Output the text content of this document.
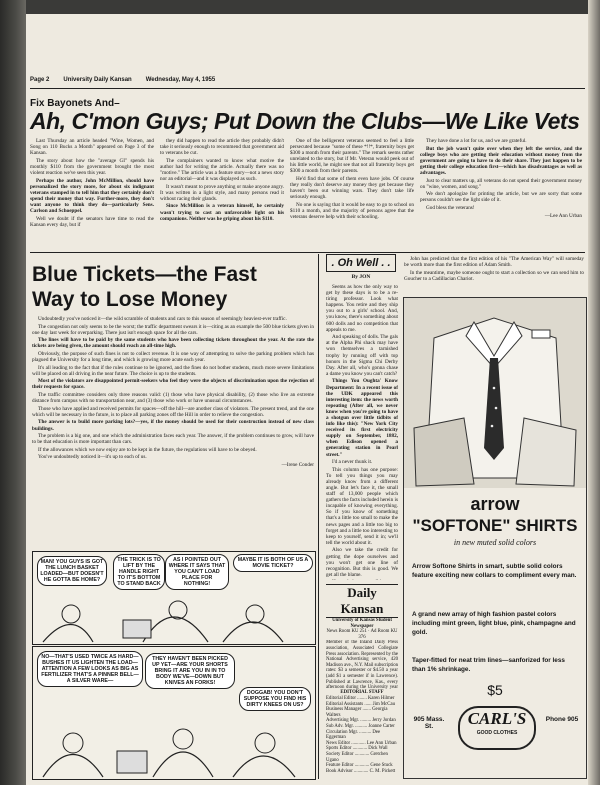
Page 2 University Daily Kansan Wednesday, May 4, 1955
Fix Bayonets And–
Ah, C'mon Guys; Put Down the Clubs—We Like Vets

Last Thursday an article headed "Wine, Women, and Song on 110 Bucks a Month" appeared on Page 3 of the Kansan.

The story about how the "average GI" spends his monthly $110 from the government brought the most violent reaction we've seen this year.

Perhaps the author, John McMillion, should have personalized the story more, for about six indignant veterans stamped in to tell him that they certainly don't spend their money that way. Further-more, they don't want anyone to think they do—particularly Sens. Carlson and Schoeppel.

Well we doubt if the senators have time to read the Kansan every day, but if

they did happen to read the article they probably didn't take it seriously enough to recommend that government aid to veterans be cut.

The complainers wanted to know what motive the author had for writing the article. Actually there was no "motive." The article was a feature story—not a news story nor an editorial—and it was displayed as such.

It wasn't meant to prove anything or make anyone angry. It was written in a light style, and many persons read it without racing their glands.

Since McMillion is a veteran himself, he certainly wasn't trying to cast an unfavorable light on his companions. Neither was he griping about his $110.

One of the belligerent veterans seemed to feel a little persecuted because "some of these *!!*, fraternity boys get $300 a month from their parents." The remark seems rather unrelated to the story, but if Mr. Veteran would peek out of his little world, he might see that not all fraternity boys get $300 a month from their parents.

He'd find that some of them even have jobs. Of course they really don't deserve any money they get because they haven't been out winning wars. They don't take life seriously enough.

No one is saying that it would be easy to go to school on $110 a month, and the majority of persons agree that the veterans deserve help with their schooling.

They have done a lot for us, and we are grateful.

But the job wasn't quite over when they left the service, and the college boys who are getting their education without money from the government are going to have to do their share. They just happen to be getting their college education first—which has disadvantages as well as advantages.

Just to clear matters up, all veterans do not spend their government money on "wine, women, and song."

We don't apologize for printing the article, but we are sorry that some persons couldn't see the light side of it.

God bless the veterans!

—Lee Ann Urban

Blue Tickets—the Fast Way to Lose Money

Undoubtedly you've noticed it—the wild scramble of students and cars to this season of seemingly heaviest-ever traffic.

The congestion not only seems to be the worst; the traffic department swears it is—citing as an example the 500 blue tickets given in one day last week for overparking. There just isn't enough space for all the cars.

The lines will have to be paid by the same students who have been collecting tickets throughout the year. At the rate the tickets are being given, the amount should reach an all-time high.

Obviously, the purpose of such fines is not to collect revenue. It is one way of attempting to solve the parking problem which has plagued the University for a long time, and which is growing more acute each year.

It's all leading to the fact that if the rules continue to be ignored, and the fines do not bother students, much more severe limitations will be placed on all driving in the near future. The choice is up to the students.

Most of the violators are disappointed permit-seekers who feel they were the objects of discrimination upon the rejection of their requests for space.

The traffic committee considers only three reasons valid: (1) those who have physical disability, (2) those who live an extreme distance from campus with no transportation near, and (3) those who work or have unusual circumstances.

Those who have applied and received permits for spaces—off the hill—are another class of violators. The present trend, and the one which will be necessary in the future, is to place all parking zones off the Hill in order to relieve the congestion.

The answer is to build more parking lots?—yes, if the money should be used for their construction instead of new class buildings.

The problem is a big one, and one which the administration faces each year. The answer, if the problem continues to grow, will have to be that education is more important than cars.

If the allowances which we now enjoy are to be kept in the future, the regulations will have to be obeyed.

You've undoubtedly noticed it—it's up to each of us.

—Irene Conder

MAN! YOU GUYS IS GOT THE LUNCH BASKET LOADED—BUT DOESN'T HE GOTTA BE HOME?
THE TRICK IS TO LIFT BY THE HANDLE RIGHT TO IT'S BOTTOM TO STAND BACK
AS I POINTED OUT WHERE IT SAYS THAT YOU CAN'T LOAD PLACE FOR NOTHING!
MAYBE IT IS BOTH OF US A MOVIE TICKET?
NO—THAT'S USED TWICE AS HARD—BUSHES IT US LIGHTEN THE LOAD—ATTENTION A FEW LOOKS AS BIG AS FERTILIZER THAT'S A PINNER BELL—A SILVER WARE—
THEY HAVEN'T BEEN PICKED UP YET—ARE YOUR SHORTS BRING IT ARE YOU IN IN TO BODY WE'VE—DOWN BUT KNIVES AN FORKS!
DOGGAB! YOU DON'T SUPPOSE YOU FIND HIS DIRTY KNEES ON US?
. Oh Well . .
By JON

Seems as how the only way to get by these days is to be a re-tiring professor. Look what happens. You retire and they ship you out to a girls' school. And, you know, there's something about 600 dolls and no competition that appeals to me.

And speaking of dolls. The gals at the Alpha Phi shack may have won themselves a tarnished trophy by running off with top honors in the Sigma Chi Derby Day. After all, who's gonna chase a dame you know you can't catch?

Things You Oughta' Know Department: In a recent issue of the UDK appeared this interesting item: the news worth repeating (After all, we never know when you're going to have a shotgun over little tidbits of info like this): "New York City received its first electricity supply on September, 1882, when Edison opened a generating station in Pearl street."

I'd a never thunk it.

This column has one purpose: To tell you things you may already know from a different angle. But let's face it, the small staff of 13,000 people which gathers the facts included herein is incapable of knowing everything. So if you know of something that's a little too small to make the news pages and a little too big to forget and a little too interesting to keep to yourself, send it in; we'll tell the world about it.

Also we take the credit for getting the dope ourselves and you won't get one line of recognition. But this is good. We get all the blame.

John has predicted that the first edition of his "The American Way" will someday be worth more than the first edition of Adam Smith.

In the meantime, maybe someone ought to start a collection so we can send him to Goucher to a Cadillacian Chariot.

Daily Kansan
University of Kansas Student Newspaper
News Room KU 251 · Ad Room KU 376
Member of the Inland Daily Press association, Associated Collegiate Press association. Represented by the National Advertising service, 420 Madison ave., N.Y. Mail subscription rates: $3 a semester or $4.50 a year (add $1 a semester if in Lawrence). Published at Lawrence, Kas., every afternoon during the University year
EDITORIAL STAFF
Editorial Editor ........ Karen Hilmer
Editorial Assistants ...... Jim McCau
Business Manager ....... Georgia Walters
Advertising Mgr. ......... Jerry Jordan
Sub Adv. Mgr. .......... Joanne Carter
Circulation Mgr. .......... Dee Eggerman
News Editor ............ Lee Ann Urban
Sports Editor ............ Dick Wall
Society Editor ............ Gretchen Ugano
Feature Editor ............ Gene Stuck
Book Advisor ............ C. M. Pickett
arrow
"SOFTONE" SHIRTS
in new muted solid colors
Arrow Softone Shirts in smart, subtle solid colors feature exciting new collars to compliment every man.
A grand new array of high fashion pastel colors including mint green, light blue, pink, champagne and gold.
Taper-fitted for neat trim lines—sanforized for less than 1% shrinkage.
$5
905 Mass. St.	CARL'S
GOOD CLOTHES
Phone 905
